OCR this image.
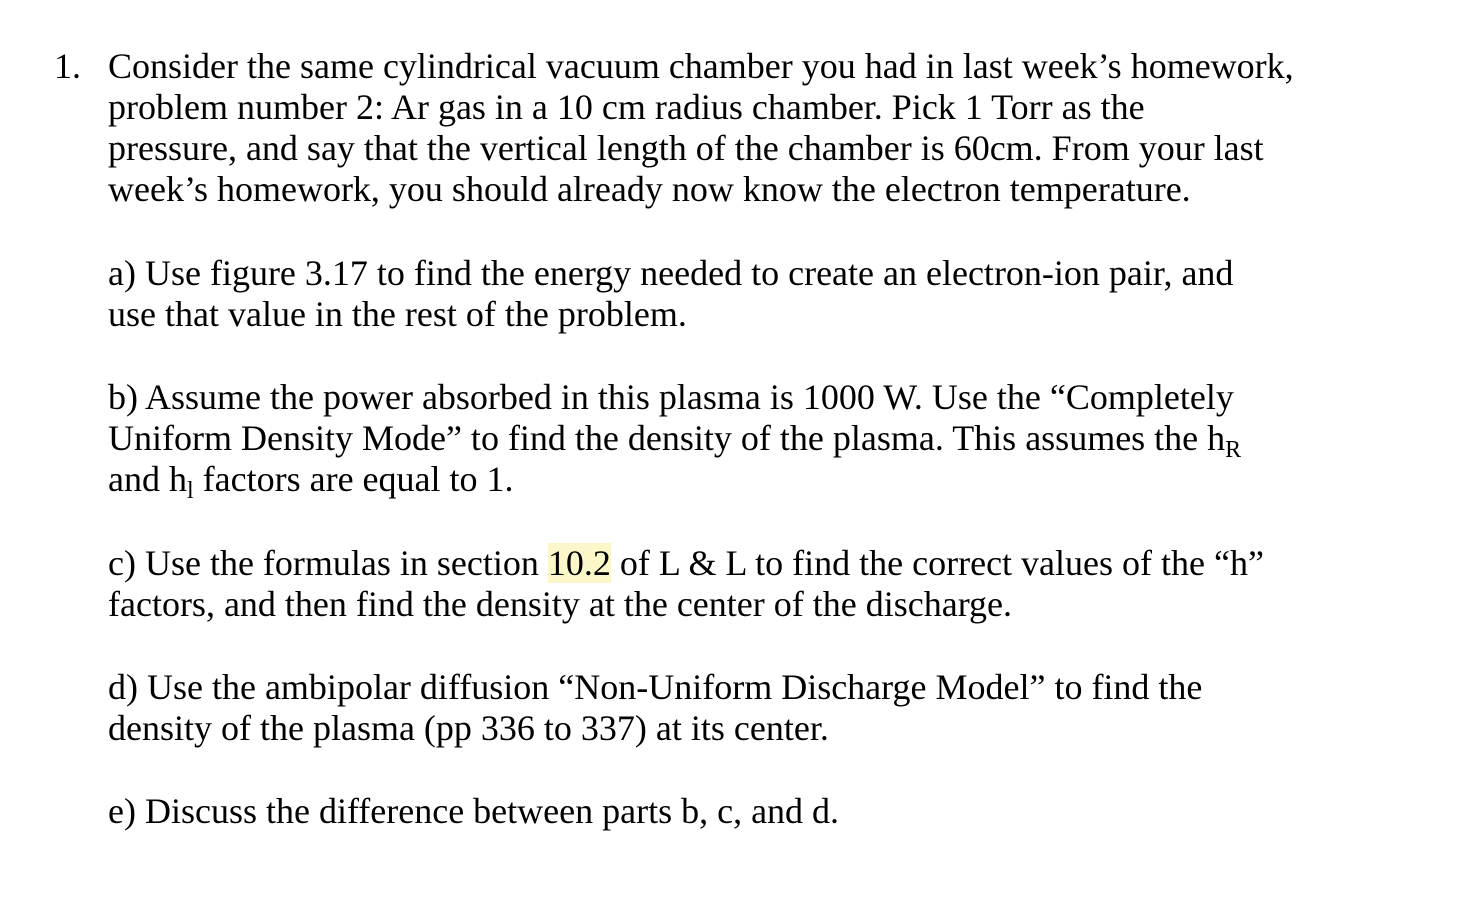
1. Consider the same cylindrical vacuum chamber you had in last week’s homework,
problem number 2: Ar gas in a 10 cm radius chamber. Pick 1 Torr as the
pressure, and say that the vertical length of the chamber is 60cm. From your last
week’s homework, you should already now know the electron temperature.
a) Use figure 3.17 to find the energy needed to create an electron-ion pair, and
use that value in the rest of the problem.
b) Assume the power absorbed in this plasma is 1000 W. Use the “Completely
Uniform Density Mode” to find the density of the plasma. This assumes the hR
and hl factors are equal to 1.
c) Use the formulas in section 10.2 of L & L to find the correct values of the “h”
factors, and then find the density at the center of the discharge.
d) Use the ambipolar diffusion “Non-Uniform Discharge Model” to find the
density of the plasma (pp 336 to 337) at its center.
e) Discuss the difference between parts b, c, and d.
